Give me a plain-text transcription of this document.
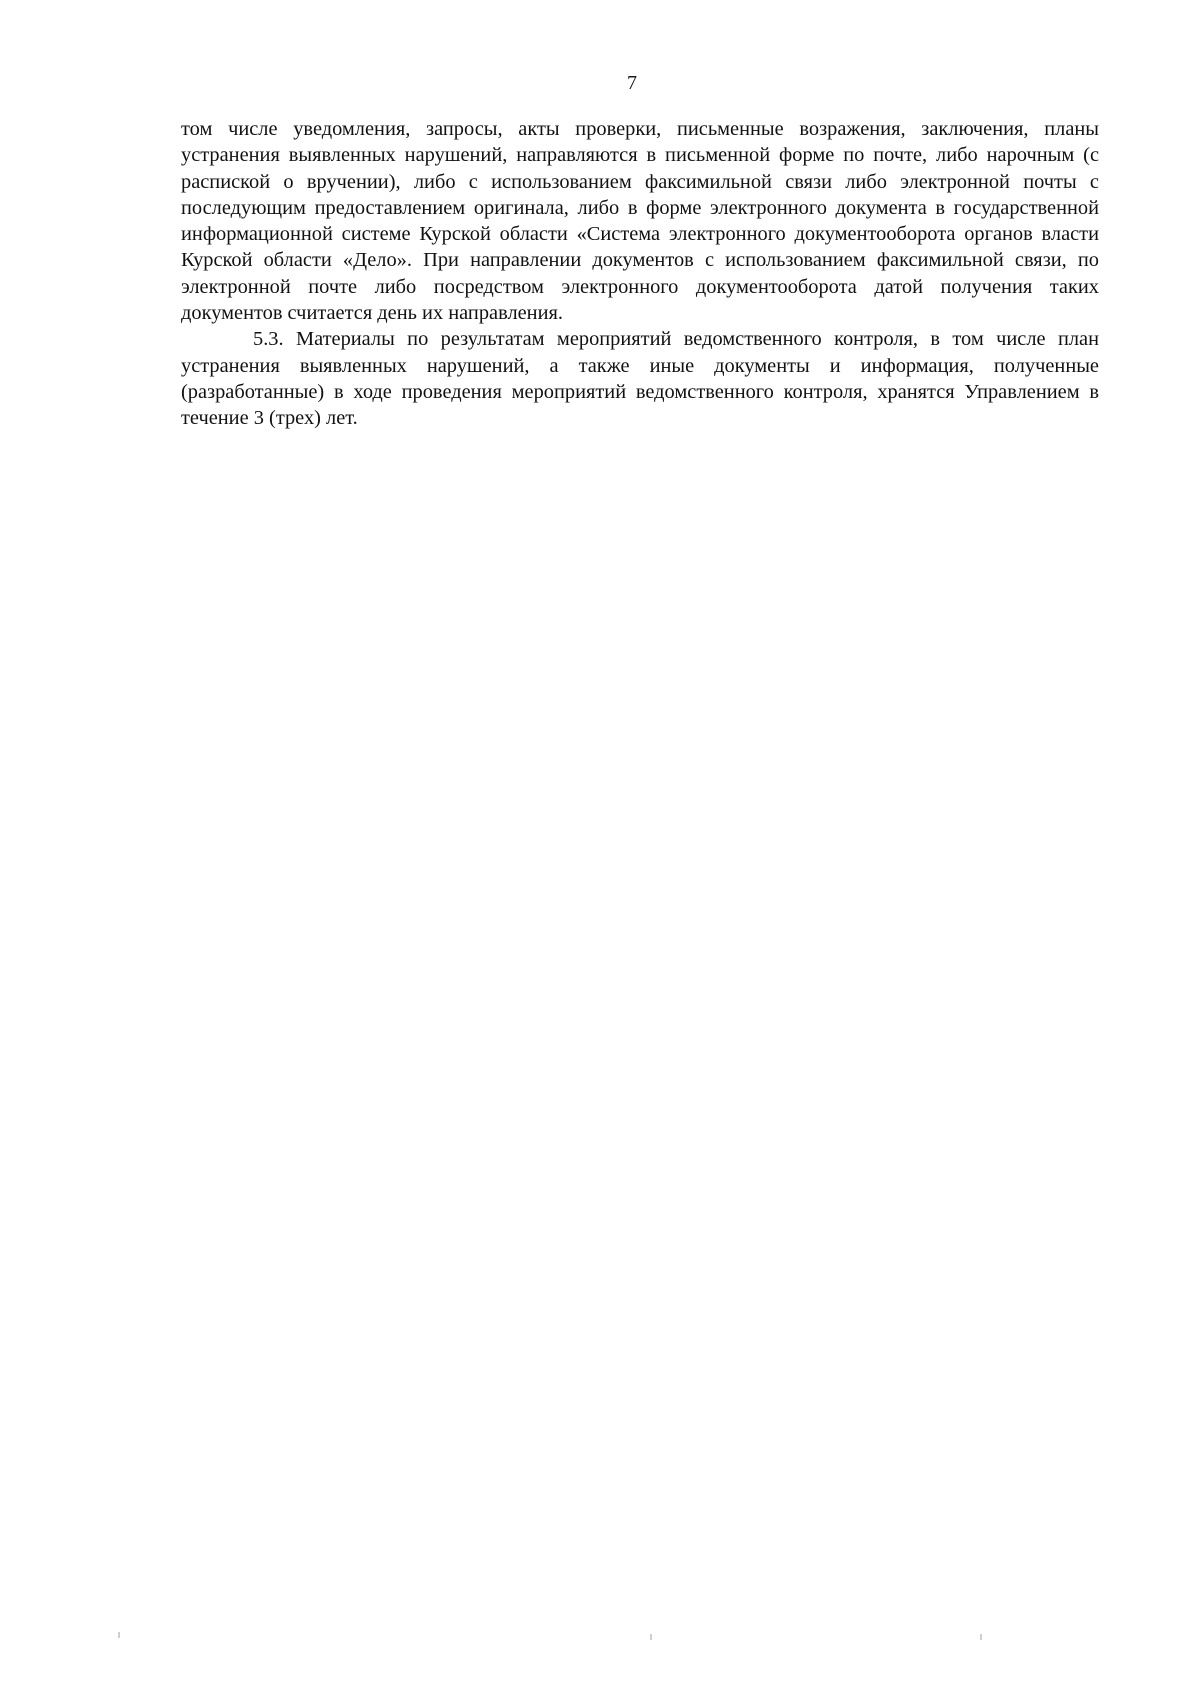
7

том числе уведомления, запросы, акты проверки, письменные возражения, заключения, планы устранения выявленных нарушений, направляются в письменной форме по почте, либо нарочным (с распиской о вручении), либо с использованием факсимильной связи либо электронной почты с последующим предоставлением оригинала, либо в форме электронного документа в государственной информационной системе Курской области «Система электронного документооборота органов власти Курской области «Дело». При направлении документов с использованием факсимильной связи, по электронной почте либо посредством электронного документооборота датой получения таких документов считается день их направления.

5.3. Материалы по результатам мероприятий ведомственного контроля, в том числе план устранения выявленных нарушений, а также иные документы и информация, полученные (разработанные) в ходе проведения мероприятий ведомственного контроля, хранятся Управлением в течение 3 (трех) лет.
